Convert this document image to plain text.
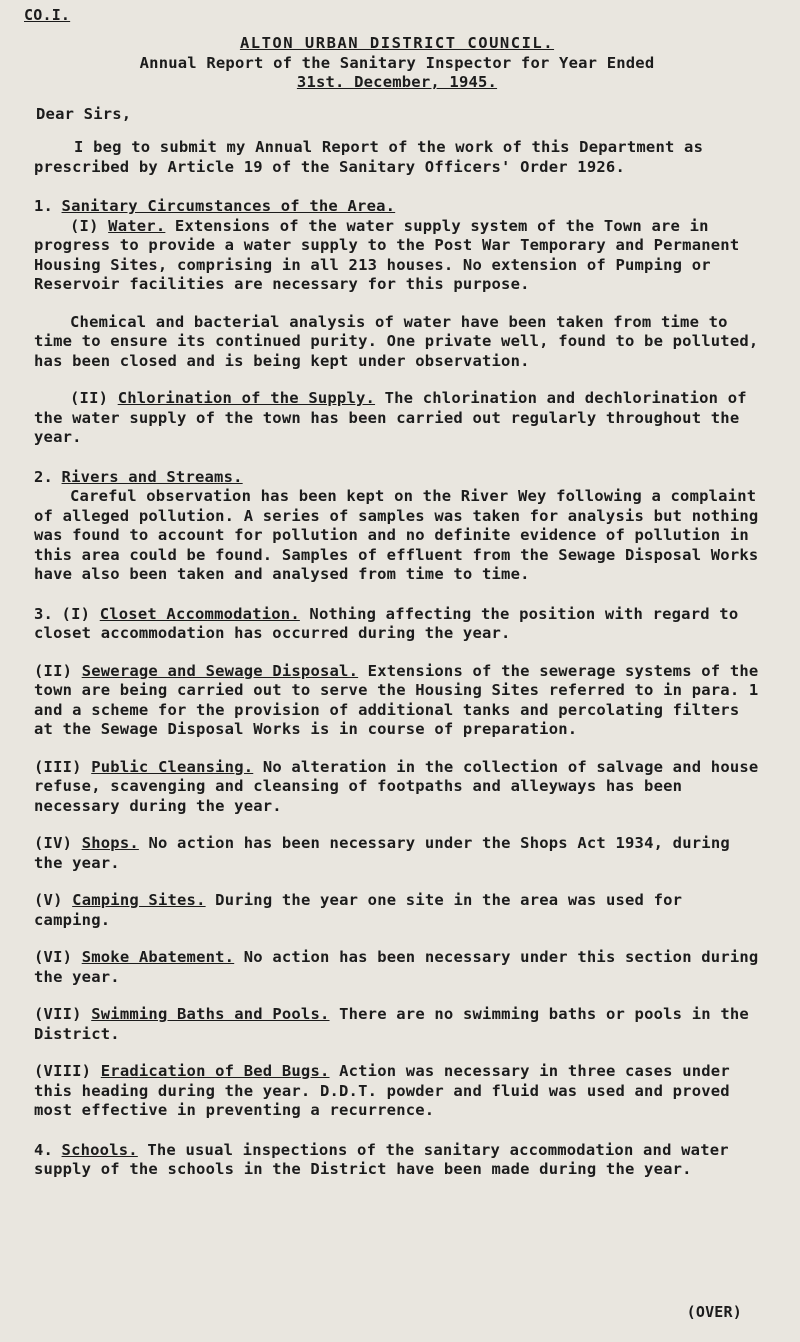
CO.I.
ALTON URBAN DISTRICT COUNCIL.
Annual Report of the Sanitary Inspector for Year Ended
31st. December, 1945.
Dear Sirs,

I beg to submit my Annual Report of the work of this Department as prescribed by Article 19 of the Sanitary Officers' Order 1926.

1. Sanitary Circumstances of the Area.

(I) Water. Extensions of the water supply system of the Town are in progress to provide a water supply to the Post War Temporary and Permanent Housing Sites, comprising in all 213 houses. No extension of Pumping or Reservoir facilities are necessary for this purpose.

Chemical and bacterial analysis of water have been taken from time to time to ensure its continued purity. One private well, found to be polluted, has been closed and is being kept under observation.

(II) Chlorination of the Supply. The chlorination and dechlorination of the water supply of the town has been carried out regularly throughout the year.

2. Rivers and Streams.

Careful observation has been kept on the River Wey following a complaint of alleged pollution. A series of samples was taken for analysis but nothing was found to account for pollution and no definite evidence of pollution in this area could be found. Samples of effluent from the Sewage Disposal Works have also been taken and analysed from time to time.

3. (I) Closet Accommodation. Nothing affecting the position with regard to closet accommodation has occurred during the year.

(II) Sewerage and Sewage Disposal. Extensions of the sewerage systems of the town are being carried out to serve the Housing Sites referred to in para. 1 and a scheme for the provision of additional tanks and percolating filters at the Sewage Disposal Works is in course of preparation.

(III) Public Cleansing. No alteration in the collection of salvage and house refuse, scavenging and cleansing of footpaths and alleyways has been necessary during the year.

(IV) Shops. No action has been necessary under the Shops Act 1934, during the year.

(V) Camping Sites. During the year one site in the area was used for camping.

(VI) Smoke Abatement. No action has been necessary under this section during the year.

(VII) Swimming Baths and Pools. There are no swimming baths or pools in the District.

(VIII) Eradication of Bed Bugs. Action was necessary in three cases under this heading during the year. D.D.T. powder and fluid was used and proved most effective in preventing a recurrence.

4. Schools. The usual inspections of the sanitary accommodation and water supply of the schools in the District have been made during the year.

(OVER)
